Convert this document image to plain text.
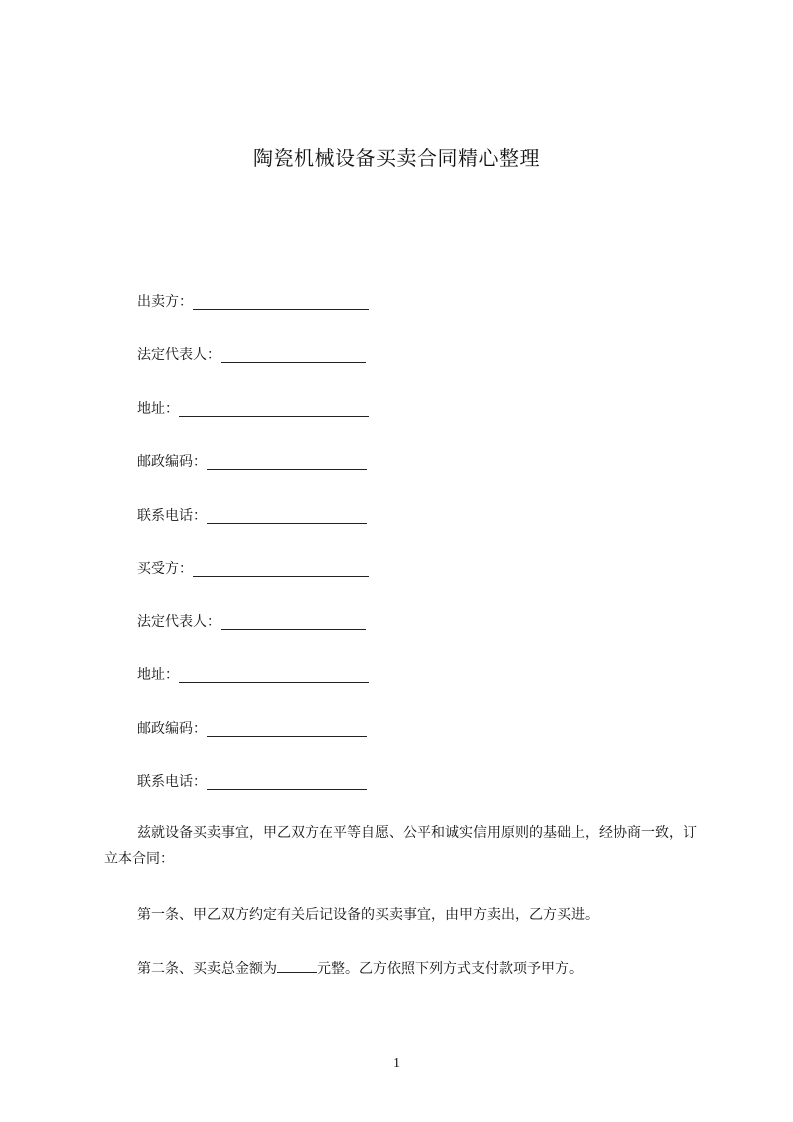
陶瓷机械设备买卖合同精心整理
出卖方：
法定代表人：
地址：
邮政编码：
联系电话：
买受方：
法定代表人：
地址：
邮政编码：
联系电话：
兹就设备买卖事宜，甲乙双方在平等自愿、公平和诚实信用原则的基础上，经协商一致，订立本合同：
第一条、甲乙双方约定有关后记设备的买卖事宜，由甲方卖出，乙方买进。
第二条、买卖总金额为	元整。乙方依照下列方式支付款项予甲方。
1
